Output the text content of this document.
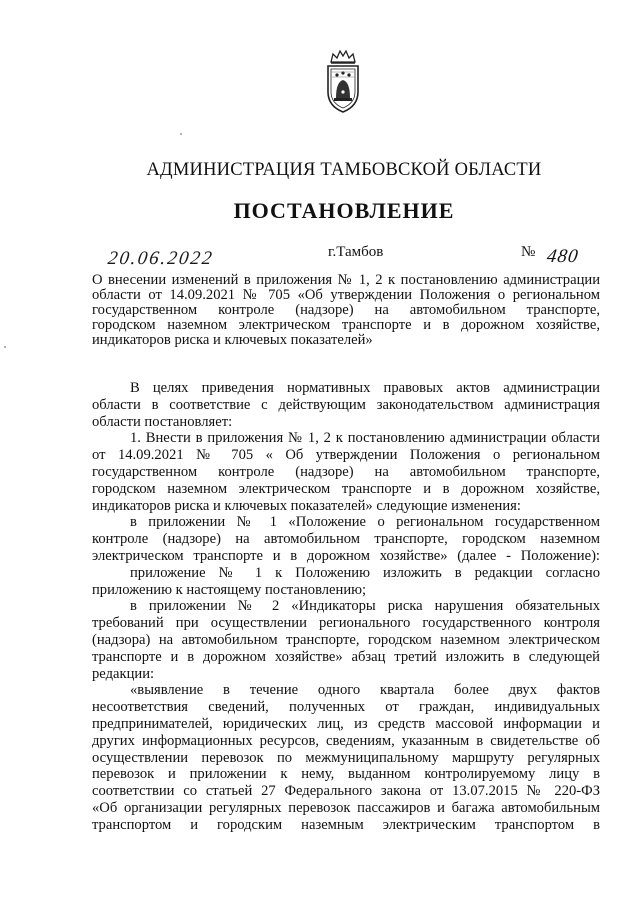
АДМИНИСТРАЦИЯ ТАМБОВСКОЙ ОБЛАСТИ
ПОСТАНОВЛЕНИЕ
20.06.2022	г.Тамбов	№ 480
О внесении изменений в приложения № 1, 2 к постановлению администрации
области от 14.09.2021 № 705 «Об утверждении Положения о региональном
государственном контроле (надзоре) на автомобильном транспорте,
городском наземном электрическом транспорте и в дорожном хозяйстве,
индикаторов риска и ключевых показателей»
В целях приведения нормативных правовых актов администрации
области в соответствие с действующим законодательством администрация
области постановляет:
1. Внести в приложения № 1, 2 к постановлению администрации области
от 14.09.2021 № 705 « Об утверждении Положения о региональном
государственном контроле (надзоре) на автомобильном транспорте,
городском наземном электрическом транспорте и в дорожном хозяйстве,
индикаторов риска и ключевых показателей» следующие изменения:
в приложении № 1 «Положение о региональном государственном
контроле (надзоре) на автомобильном транспорте, городском наземном
электрическом транспорте и в дорожном хозяйстве» (далее - Положение):
приложение № 1 к Положению изложить в редакции согласно
приложению к настоящему постановлению;
в приложении № 2 «Индикаторы риска нарушения обязательных
требований при осуществлении регионального государственного контроля
(надзора) на автомобильном транспорте, городском наземном электрическом
транспорте и в дорожном хозяйстве» абзац третий изложить в следующей
редакции:
«выявление в течение одного квартала более двух фактов
несоответствия сведений, полученных от граждан, индивидуальных
предпринимателей, юридических лиц, из средств массовой информации и
других информационных ресурсов, сведениям, указанным в свидетельстве об
осуществлении перевозок по межмуниципальному маршруту регулярных
перевозок и приложении к нему, выданном контролируемому лицу в
соответствии со статьей 27 Федерального закона от 13.07.2015 № 220-ФЗ
«Об организации регулярных перевозок пассажиров и багажа автомобильным
транспортом и городским наземным электрическим транспортом в
